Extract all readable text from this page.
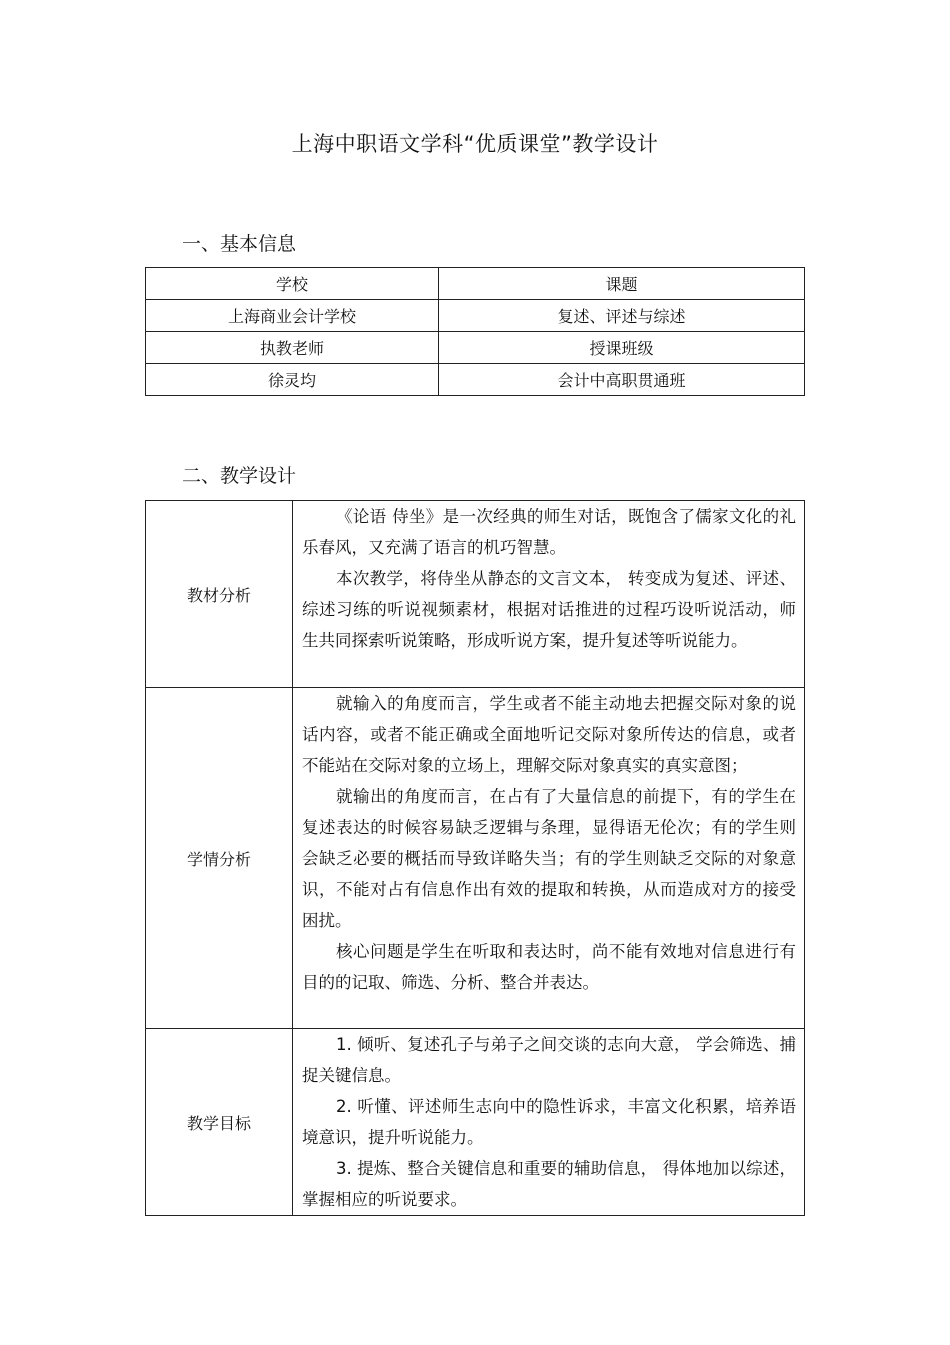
上海中职语文学科“优质课堂”教学设计
一、基本信息
学校	课题
上海商业会计学校	复述、评述与综述
执教老师	授课班级
徐灵均	会计中高职贯通班
二、教学设计
教材分析	《论语 侍坐》是一次经典的师生对话，既饱含了儒家文化的礼乐春风，又充满了语言的机巧智慧。
本次教学，将侍坐从静态的文言文本， 转变成为复述、评述、综述习练的听说视频素材，根据对话推进的过程巧设听说活动，师生共同探索听说策略，形成听说方案，提升复述等听说能力。

学情分析	就输入的角度而言，学生或者不能主动地去把握交际对象的说话内容，或者不能正确或全面地听记交际对象所传达的信息，或者不能站在交际对象的立场上，理解交际对象真实的真实意图；
就输出的角度而言，在占有了大量信息的前提下，有的学生在复述表达的时候容易缺乏逻辑与条理，显得语无伦次；有的学生则会缺乏必要的概括而导致详略失当；有的学生则缺乏交际的对象意识，不能对占有信息作出有效的提取和转换，从而造成对方的接受困扰。
核心问题是学生在听取和表达时，尚不能有效地对信息进行有目的的记取、筛选、分析、整合并表达。

教学目标	1. 倾听、复述孔子与弟子之间交谈的志向大意， 学会筛选、捕捉关键信息。
2. 听懂、评述师生志向中的隐性诉求，丰富文化积累，培养语境意识，提升听说能力。
3. 提炼、整合关键信息和重要的辅助信息， 得体地加以综述，掌握相应的听说要求。
